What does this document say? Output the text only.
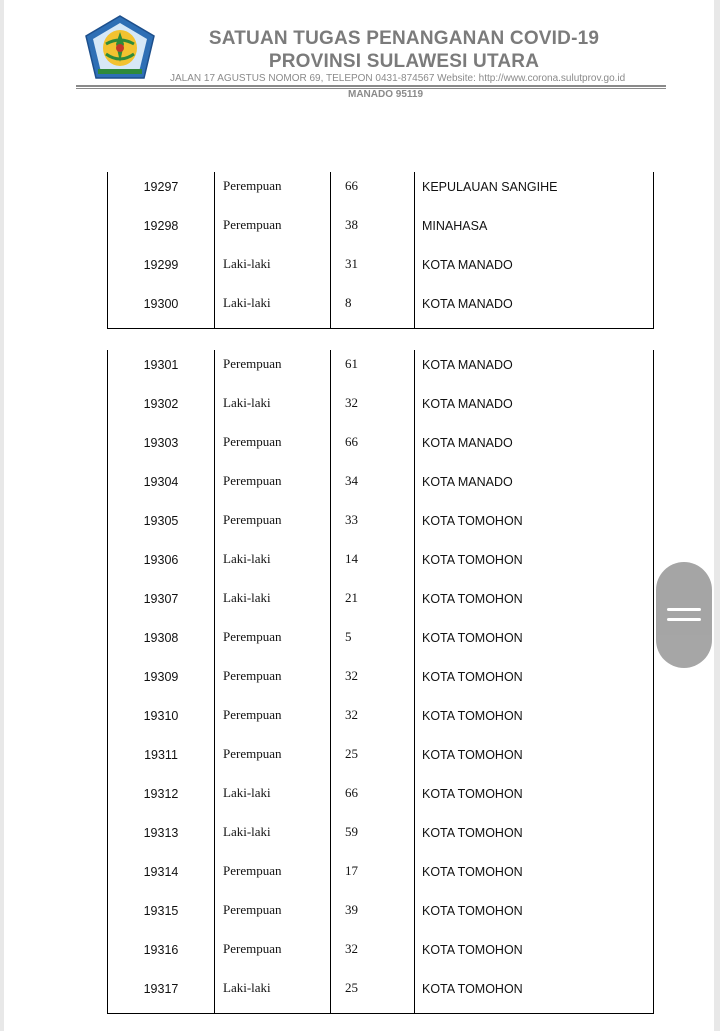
SATUAN TUGAS PENANGANAN COVID-19
PROVINSI SULAWESI UTARA
JALAN 17 AGUSTUS NOMOR 69, TELEPON 0431-874567 Website: http://www.corona.sulutprov.go.id
MANADO 95119
19297	Perempuan	66	KEPULAUAN SANGIHE
19298	Perempuan	38	MINAHASA
19299	Laki-laki	31	KOTA MANADO
19300	Laki-laki	8	KOTA MANADO
19301	Perempuan	61	KOTA MANADO
19302	Laki-laki	32	KOTA MANADO
19303	Perempuan	66	KOTA MANADO
19304	Perempuan	34	KOTA MANADO
19305	Perempuan	33	KOTA TOMOHON
19306	Laki-laki	14	KOTA TOMOHON
19307	Laki-laki	21	KOTA TOMOHON
19308	Perempuan	5	KOTA TOMOHON
19309	Perempuan	32	KOTA TOMOHON
19310	Perempuan	32	KOTA TOMOHON
19311	Perempuan	25	KOTA TOMOHON
19312	Laki-laki	66	KOTA TOMOHON
19313	Laki-laki	59	KOTA TOMOHON
19314	Perempuan	17	KOTA TOMOHON
19315	Perempuan	39	KOTA TOMOHON
19316	Perempuan	32	KOTA TOMOHON
19317	Laki-laki	25	KOTA TOMOHON
